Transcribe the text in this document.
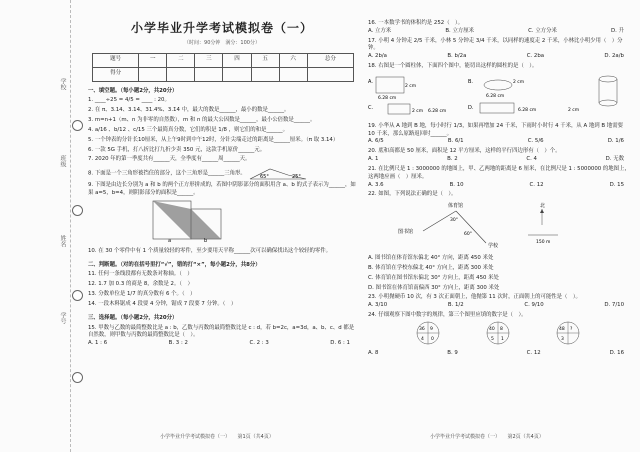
学校
班级
姓名
学号
小学毕业升学考试模拟卷（一）
（时间：90分钟　满分：100分）
题号	一	二	三	四	五	六	总分
得分							
一、填空题。（每小题2分，共20分）
1. ____÷25 = 4/5 = ____ : 20。
2. 在 π、3.14、3.14̇、31.4%、3.1̇4̇ 中，最大的数是______，最小的数是______。
3. m=n+1（m、n 为非零的自然数），m 和 n 的最大公因数是______，最小公倍数是______。
4. a/16 、b/12 、c/15 三个最简真分数，它们的积是 1/8 ，则它们的和是______。
5. 一个钟表的分针长10厘米，从上午9时到中午12时，分针尖端走过的距离是______厘米。（π 取 3.14）
6. 一款 5G 手机，打八折比打九折少卖 350 元，这款手机原价______元。
7. 2020 年的第一季度共有______天，全季度有______周______天。
8. 下面是一个三角形被挡住的部分，这个三角形是______三角形。
65°	25°
9. 下图是由边长分别为 a 和 b 的两个正方形拼成的，若图中阴影部分的面积用含 a、b 的式子表示为______，如果 a=5，b=4，则阴影部分的面积是______。
a	b
10. 在 30 个零件中有 1 个质量较轻的零件，至少要用天平称______次可以确保找出这个较轻的零件。
二、判断题。（对的在括号里打“√”，错的打“×”，每小题2分，共8分）
11. 任何一条线段都有无数条对称轴。（　）
12. 1.7 加 0.3 的商是 8，余数是 2。（　）
13. 分数单位是 1/7 的真分数有 6 个。（　）
14. 一段木料锯成 4 段要 4 分钟，锯成 7 段要 7 分钟。（　）
三、选择题。（每小题2分，共20分）
15. 甲数与乙数的最简整数比是 a : b，乙数与丙数的最简整数比是 c : d，若 b=2c，a=3d，a、b、c、d 都是自然数，则甲数与丙数的最简整数比是（　）。
A. 1 : 6	B. 3 : 2	C. 2 : 3	D. 6 : 1
小学毕业升学考试模拟卷（一）　　第1页（共4页）
16. 一本数学书的体积约是 252（　）。
A. 立方米	B. 立方厘米	C. 立方分米	D. 升
17. 小明 4 分钟走 2/5 千米，小林 5 分钟走 3/4 千米，以同样的速度走 2 千米，小林比小明少用（　）分钟。
A. 2b/a	B. b/2a	C. 2ba	D. 2a/b
18. 右图是一个圆柱体，下面四个图中，能切出这样的圆柱的是（　）。
A.
2 cm
6.28 cm
B.	2 cm
6.28 cm
C.
2 cm
D.	6.28 cm
6.28 cm	2 cm
19. 小华从 A 地到 B 地，每小时行 1/3，如果再增加 24 千米，下雨时小时行 4 千米，从 A 地到 B 地需要 10 千米，那么原路返回时______。
A. 6/5	B. 6/1	C. 5/6	D. 1/6
20. 底和高都是 50 厘米，面积是 12 平方厘米，这样的平行四边形有（　）个。
A. 1	B. 2	C. 4	D. 无数
21. 在比例尺是 1 : 3000000 的地图上，甲、乙两地的距离是 6 厘米，在比例尺是 1 : 5000000 的地图上，这两地应画（　）厘米。
A. 3.6	B. 10	C. 12	D. 15
22. 如图，下列说法正确的是（　）。
体育馆	北
图书馆
学校
30°
60°
150 m
A. 图书馆在体育馆东偏北 40° 方向，距离 450 米处
B. 体育馆在学校东偏北 40° 方向上，距离 300 米处
C. 体育馆在图书馆东偏北 30° 方向上，距离 450 米处
D. 图书馆在体育馆南偏西 30° 方向上，距离 300 米处
23. 小明抛硬币 10 次，有 3 次正面朝上，他抛第 11 次时，正面朝上的可能性是（　）。
A. 3/10	B. 1/2	C. 9/10	D. 7/10
24. 仔细观察下图中数字的规律，第三个图里应填的数字是（　）。
36 9
4 0
40 8
5 1
48 ?
3
A. 8	B. 9	C. 12	D. 16
小学毕业升学考试模拟卷（一）　　第2页（共4页）
